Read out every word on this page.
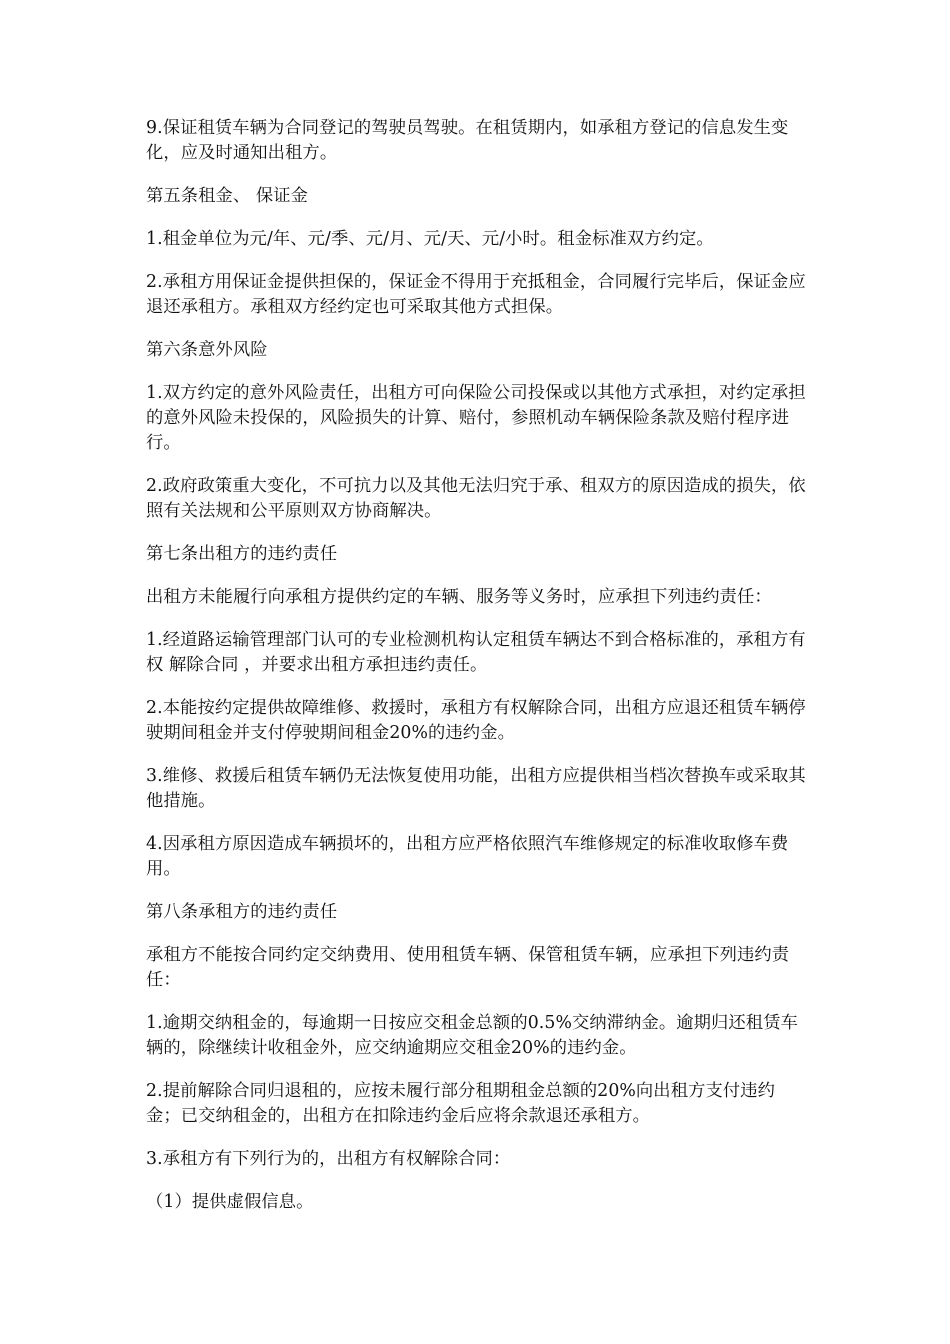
9.保证租赁车辆为合同登记的驾驶员驾驶。在租赁期内，如承租方登记的信息发生变化，应及时通知出租方。

第五条租金、 保证金

1.租金单位为元/年、元/季、元/月、元/天、元/小时。租金标准双方约定。

2.承租方用保证金提供担保的，保证金不得用于充抵租金，合同履行完毕后，保证金应退还承租方。承租双方经约定也可采取其他方式担保。

第六条意外风险

1.双方约定的意外风险责任，出租方可向保险公司投保或以其他方式承担，对约定承担的意外风险未投保的，风险损失的计算、赔付，参照机动车辆保险条款及赔付程序进行。

2.政府政策重大变化，不可抗力以及其他无法归究于承、租双方的原因造成的损失，依照有关法规和公平原则双方协商解决。

第七条出租方的违约责任

出租方未能履行向承租方提供约定的车辆、服务等义务时，应承担下列违约责任：

1.经道路运输管理部门认可的专业检测机构认定租赁车辆达不到合格标准的，承租方有权 解除合同 ，并要求出租方承担违约责任。

2.本能按约定提供故障维修、救援时，承租方有权解除合同，出租方应退还租赁车辆停驶期间租金并支付停驶期间租金20%的违约金。

3.维修、救援后租赁车辆仍无法恢复使用功能，出租方应提供相当档次替换车或采取其他措施。

4.因承租方原因造成车辆损坏的，出租方应严格依照汽车维修规定的标准收取修车费用。

第八条承租方的违约责任

承租方不能按合同约定交纳费用、使用租赁车辆、保管租赁车辆，应承担下列违约责任：

1.逾期交纳租金的，每逾期一日按应交租金总额的0.5%交纳滞纳金。逾期归还租赁车辆的，除继续计收租金外，应交纳逾期应交租金20%的违约金。

2.提前解除合同归退租的，应按未履行部分租期租金总额的20%向出租方支付违约金；已交纳租金的，出租方在扣除违约金后应将余款退还承租方。

3.承租方有下列行为的，出租方有权解除合同：

（1）提供虚假信息。
